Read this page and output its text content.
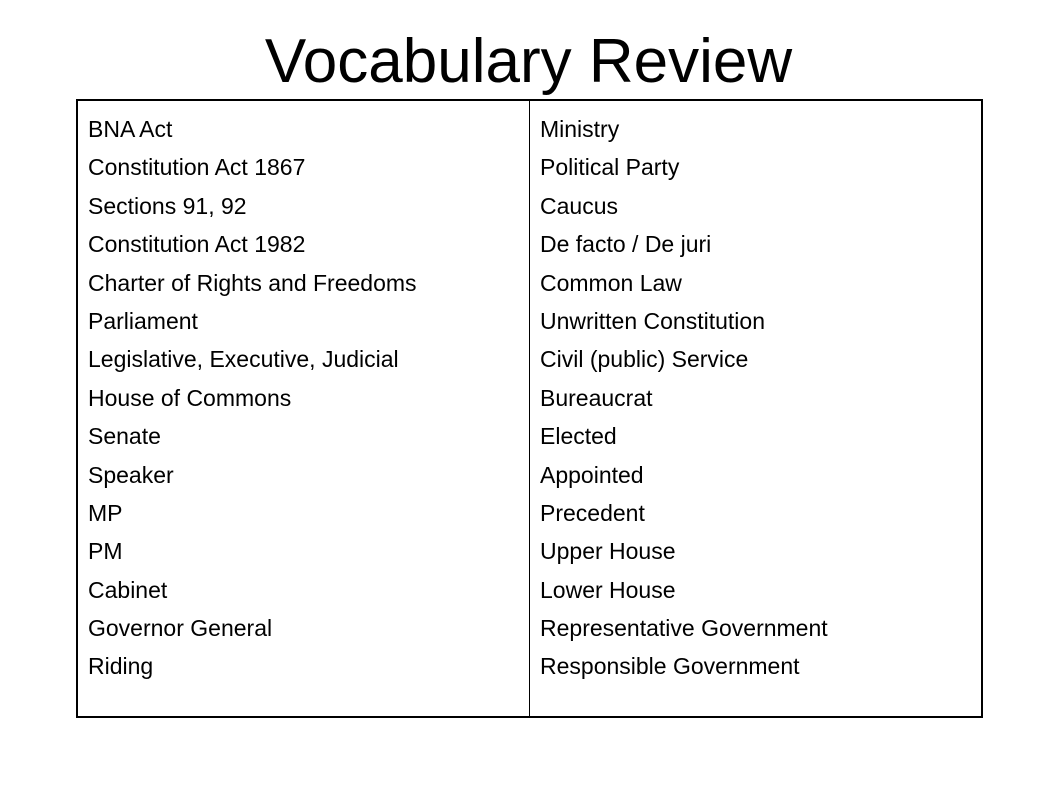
Vocabulary Review
BNA Act
Constitution Act 1867
Sections 91, 92
Constitution Act 1982
Charter of Rights and Freedoms
Parliament
Legislative, Executive, Judicial
House of Commons
Senate
Speaker
MP
PM
Cabinet
Governor General
Riding
Ministry
Political Party
Caucus
De facto / De juri
Common Law
Unwritten Constitution
Civil (public) Service
Bureaucrat
Elected
Appointed
Precedent
Upper House
Lower House
Representative Government
Responsible Government
